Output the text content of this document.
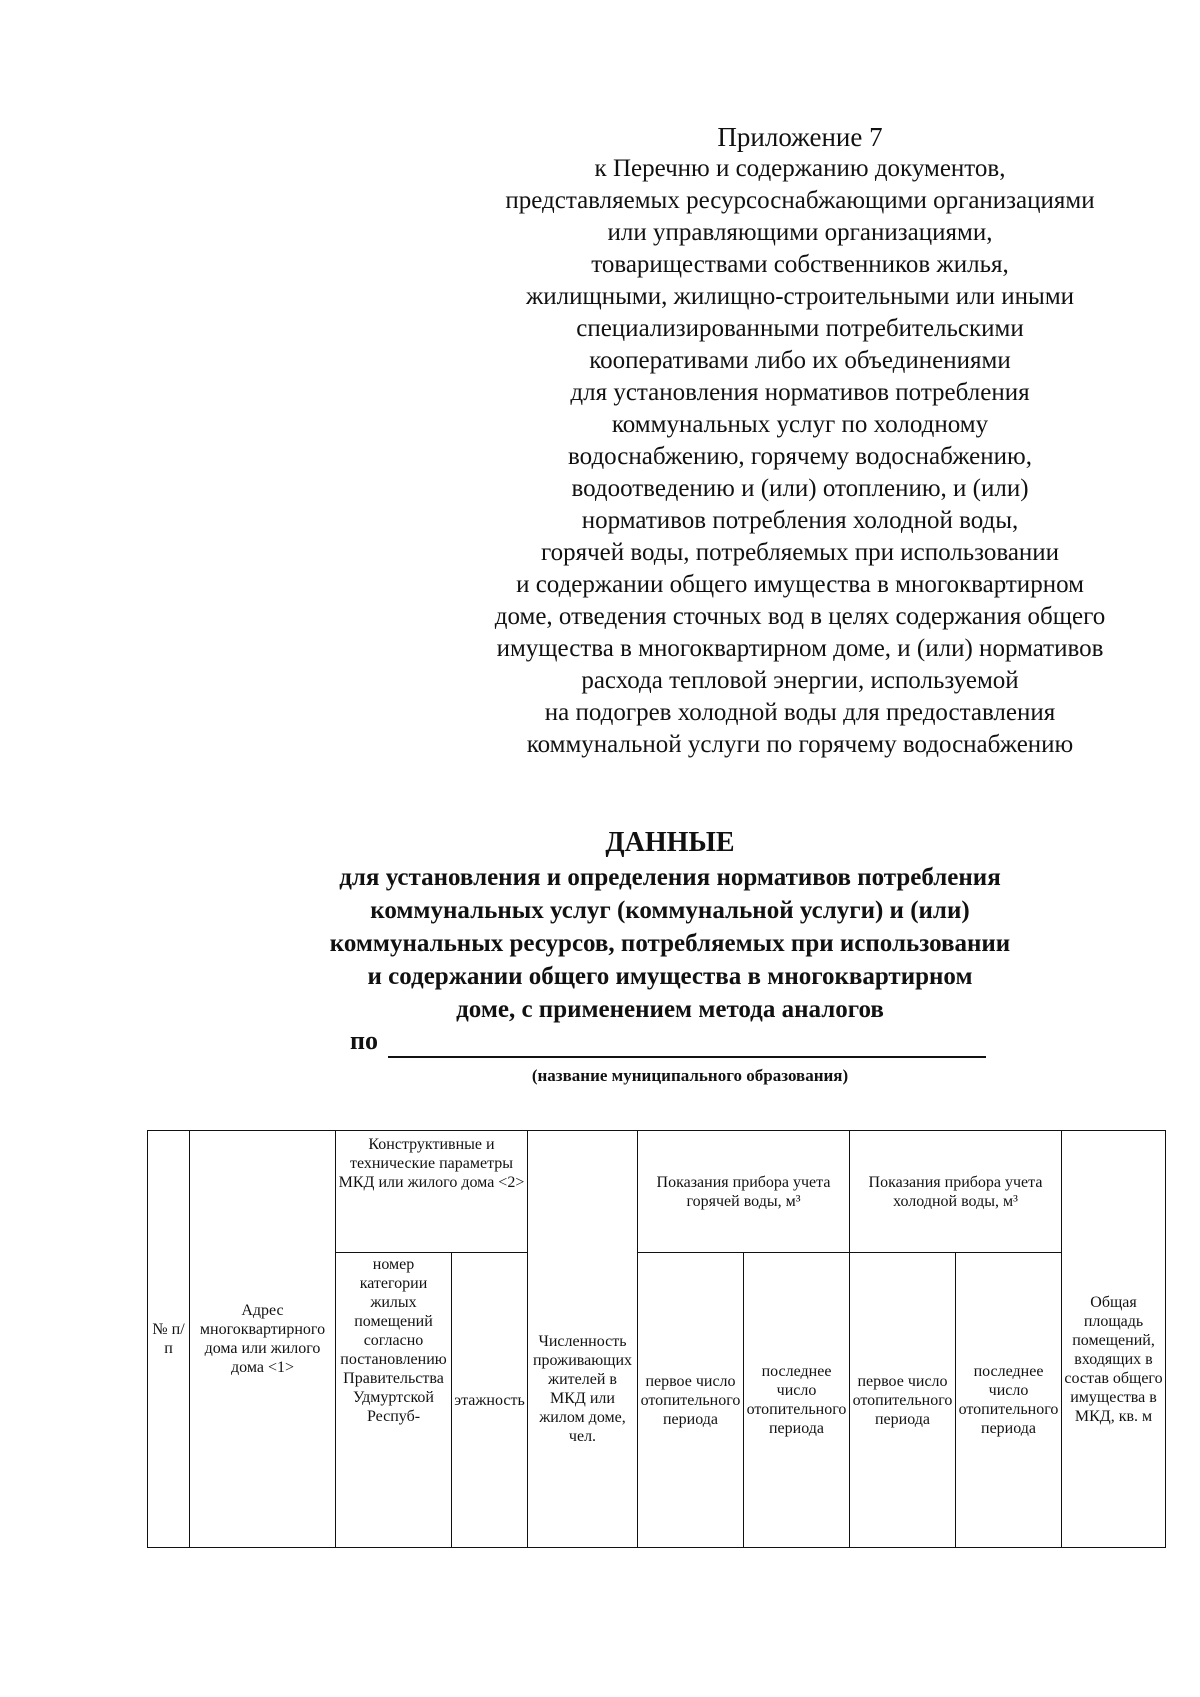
Приложение 7
к Перечню и содержанию документов,
представляемых ресурсоснабжающими организациями
или управляющими организациями,
товариществами собственников жилья,
жилищными, жилищно-строительными или иными
специализированными потребительскими
кооперативами либо их объединениями
для установления нормативов потребления
коммунальных услуг по холодному
водоснабжению, горячему водоснабжению,
водоотведению и (или) отоплению, и (или)
нормативов потребления холодной воды,
горячей воды, потребляемых при использовании
и содержании общего имущества в многоквартирном
доме, отведения сточных вод в целях содержания общего
имущества в многоквартирном доме, и (или) нормативов
расхода тепловой энергии, используемой
на подогрев холодной воды для предоставления
коммунальной услуги по горячему водоснабжению
ДАННЫЕ
для установления и определения нормативов потребления
коммунальных услуг (коммунальной услуги) и (или)
коммунальных ресурсов, потребляемых при использовании
и содержании общего имущества в многоквартирном
доме, с применением метода аналогов
по
(название муниципального образования)
№ п/п	Адрес многоквартирного дома или жилого дома <1>	Конструктивные и технические параметры МКД или жилого дома <2>		Численность проживающих жителей в МКД или жилом доме, чел.	Показания прибора учета горячей воды, м³		Показания прибора учета холодной воды, м³		Общая площадь помещений, входящих в состав общего имущества в МКД, кв. м
		номер категории жилых помещений согласно постановлению Правительства Удмуртской Респуб-	этажность		первое число отопительного периода	последнее число отопительного периода	первое число отопительного периода	последнее число отопительного периода	
